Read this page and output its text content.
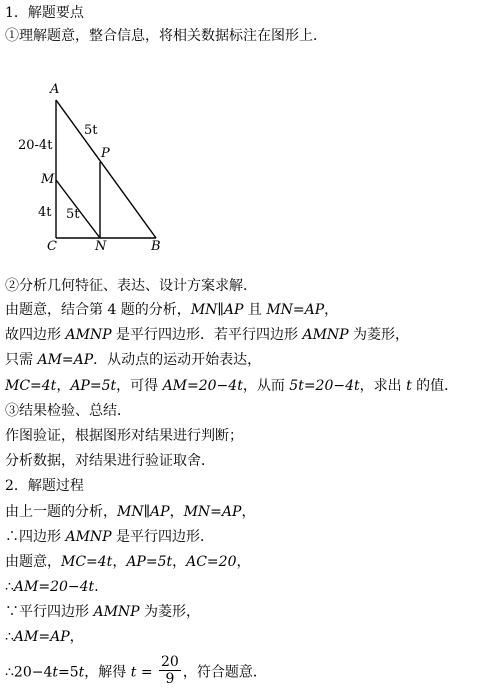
1．解题要点
①理解题意，整合信息，将相关数据标注在图形上．
A
M
C	N	B
P
20-4t
5t
4t 5t
②分析几何特征、表达、设计方案求解．
由题意，结合第 4 题的分析，MN∥AP 且 MN=AP，
故四边形 AMNP 是平行四边形．若平行四边形 AMNP 为菱形，
只需 AM=AP．从动点的运动开始表达，
MC=4t，AP=5t，可得 AM=20−4t，从而 5t=20−4t，求出 t 的值．
③结果检验、总结．
作图验证，根据图形对结果进行判断；
分析数据，对结果进行验证取舍．
2．解题过程
由上一题的分析，MN∥AP，MN=AP，
∴四边形 AMNP 是平行四边形．
由题意，MC=4t，AP=5t，AC=20，
∴AM=20−4t．
∵平行四边形 AMNP 为菱形，
∴AM=AP，
∴20−4t=5t，解得 $t = \frac{20}{9}$ ，符合题意．
